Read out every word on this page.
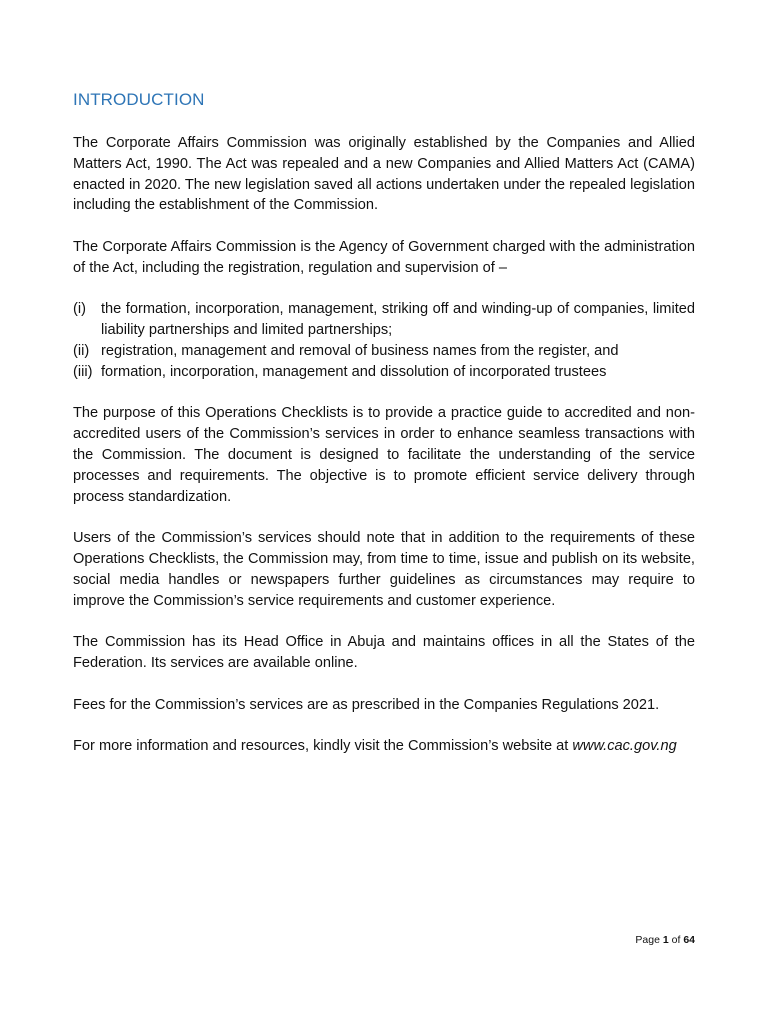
INTRODUCTION

The Corporate Affairs Commission was originally established by the Companies and Allied Matters Act, 1990. The Act was repealed and a new Companies and Allied Matters Act (CAMA) enacted in 2020. The new legislation saved all actions undertaken under the repealed legislation including the establishment of the Commission.

The Corporate Affairs Commission is the Agency of Government charged with the administration of the Act, including the registration, regulation and supervision of –

(i)	the formation, incorporation, management, striking off and winding-up of companies, limited liability partnerships and limited partnerships;
(ii) registration, management and removal of business names from the register, and
(iii) formation, incorporation, management and dissolution of incorporated trustees

The purpose of this Operations Checklists is to provide a practice guide to accredited and non-accredited users of the Commission’s services in order to enhance seamless transactions with the Commission. The document is designed to facilitate the understanding of the service processes and requirements. The objective is to promote efficient service delivery through process standardization.

Users of the Commission’s services should note that in addition to the requirements of these Operations Checklists, the Commission may, from time to time, issue and publish on its website, social media handles or newspapers further guidelines as circumstances may require to improve the Commission’s service requirements and customer experience.

The Commission has its Head Office in Abuja and maintains offices in all the States of the Federation. Its services are available online.

Fees for the Commission’s services are as prescribed in the Companies Regulations 2021.

For more information and resources, kindly visit the Commission’s website at www.cac.gov.ng

Page 1 of 64
